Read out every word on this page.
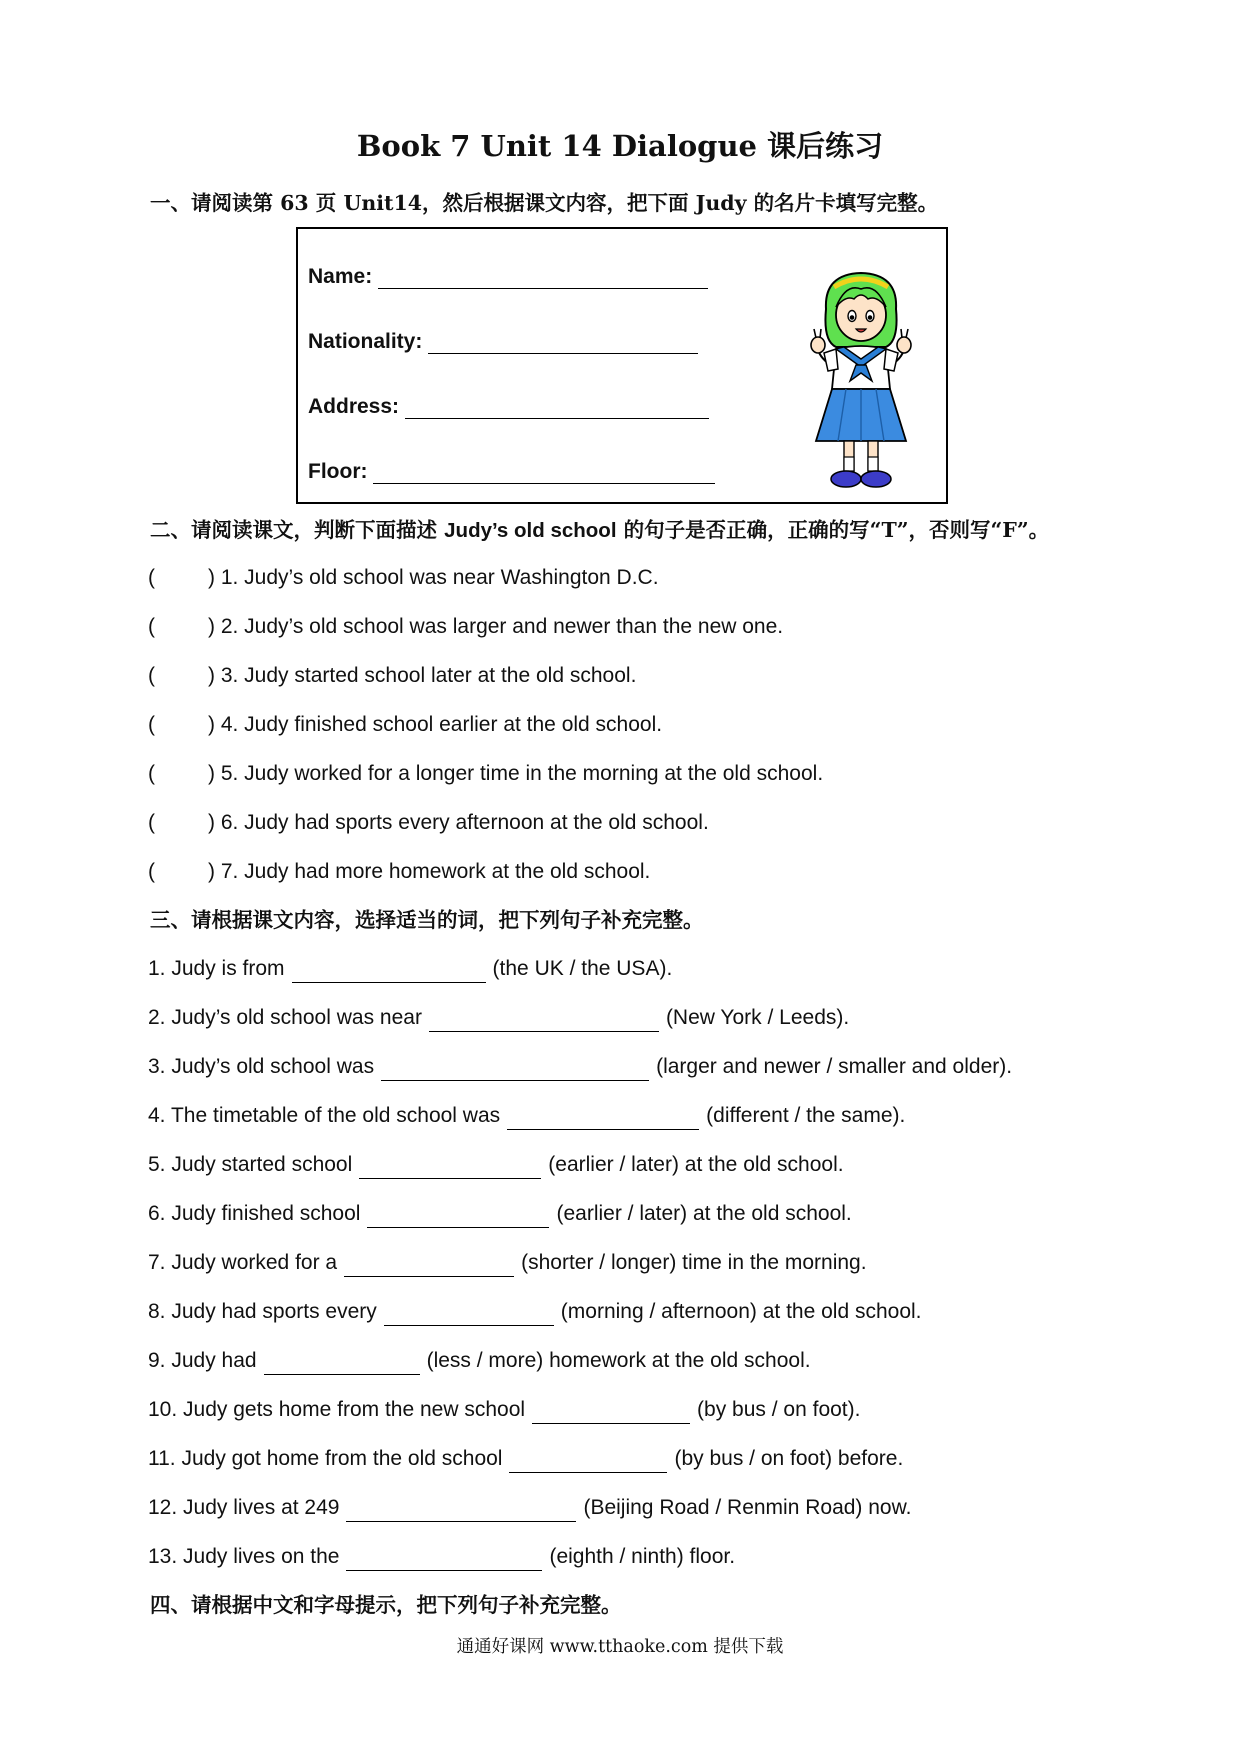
Book 7 Unit 14 Dialogue 课后练习
一、请阅读第 63 页 Unit14，然后根据课文内容，把下面 Judy 的名片卡填写完整。
Name:
Nationality:
Address:
Floor:
二、请阅读课文，判断下面描述 Judy’s old school 的句子是否正确，正确的写“T”，否则写“F”。
(	) 1. Judy’s old school was near Washington D.C.
(	) 2. Judy’s old school was larger and newer than the new one.
(	) 3. Judy started school later at the old school.
(	) 4. Judy finished school earlier at the old school.
(	) 5. Judy worked for a longer time in the morning at the old school.
(	) 6. Judy had sports every afternoon at the old school.
(	) 7. Judy had more homework at the old school.
三、请根据课文内容，选择适当的词，把下列句子补充完整。
1. Judy is from	(the UK / the USA).
2. Judy’s old school was near	(New York / Leeds).
3. Judy’s old school was	(larger and newer / smaller and older).
4. The timetable of the old school was	(different / the same).
5. Judy started school	(earlier / later) at the old school.
6. Judy finished school	(earlier / later) at the old school.
7. Judy worked for a	(shorter / longer) time in the morning.
8. Judy had sports every	(morning / afternoon) at the old school.
9. Judy had	(less / more) homework at the old school.
10. Judy gets home from the new school	(by bus / on foot).
11. Judy got home from the old school	(by bus / on foot) before.
12. Judy lives at 249	(Beijing Road / Renmin Road) now.
13. Judy lives on the	(eighth / ninth) floor.
四、请根据中文和字母提示，把下列句子补充完整。
通通好课网 www.tthaoke.com 提供下载
